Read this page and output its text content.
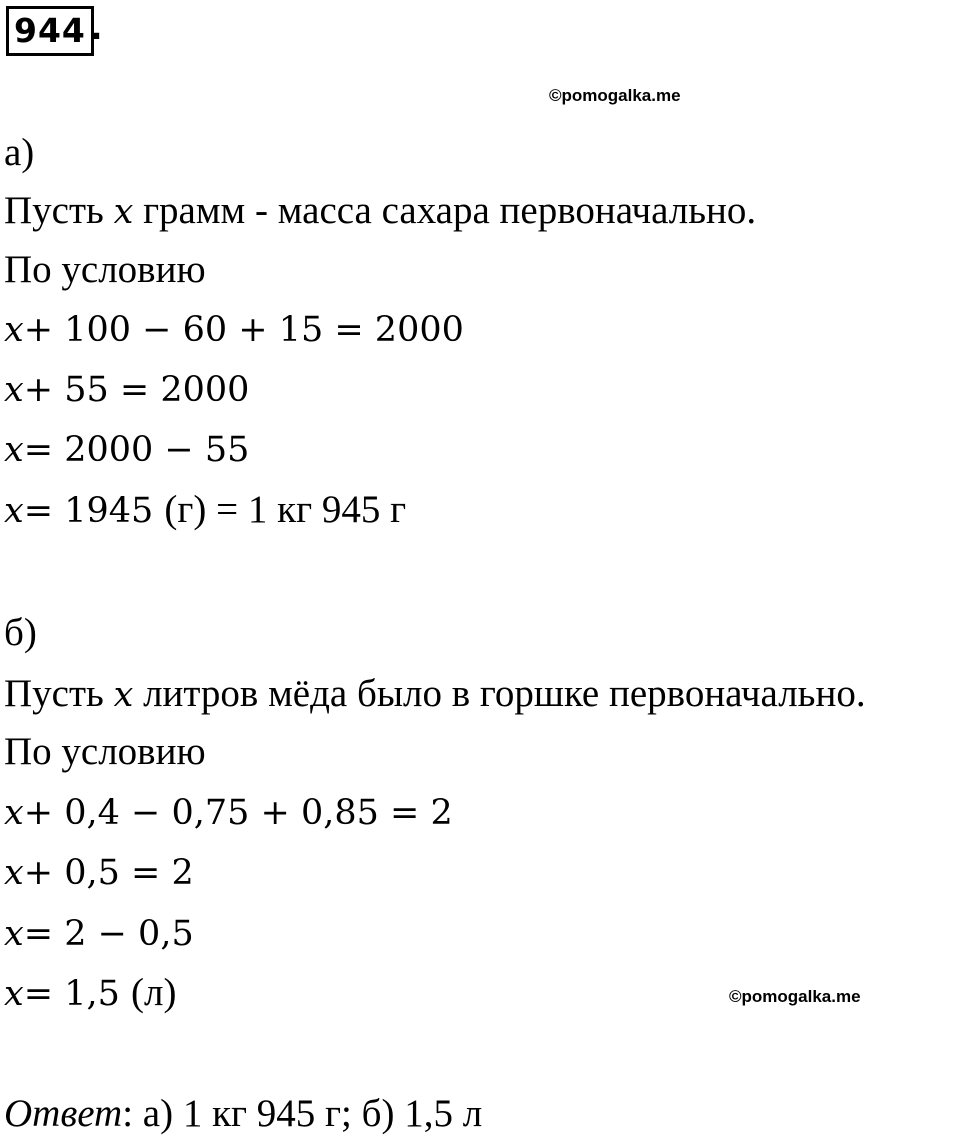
944 .
©pomogalka.me
а)
Пусть x грамм - масса сахара первоначально.
По условию
x+ 100 − 60 + 15 = 2000
x+ 55 = 2000
x= 2000 − 55
x= 1945 (г) = 1 кг 945 г
б)
Пусть x литров мёда было в горшке первоначально.
По условию
x+ 0,4 − 0,75 + 0,85 = 2
x+ 0,5 = 2
x= 2 − 0,5
x= 1,5 (л)	©pomogalka.me
Ответ: а) 1 кг 945 г; б) 1,5 л
